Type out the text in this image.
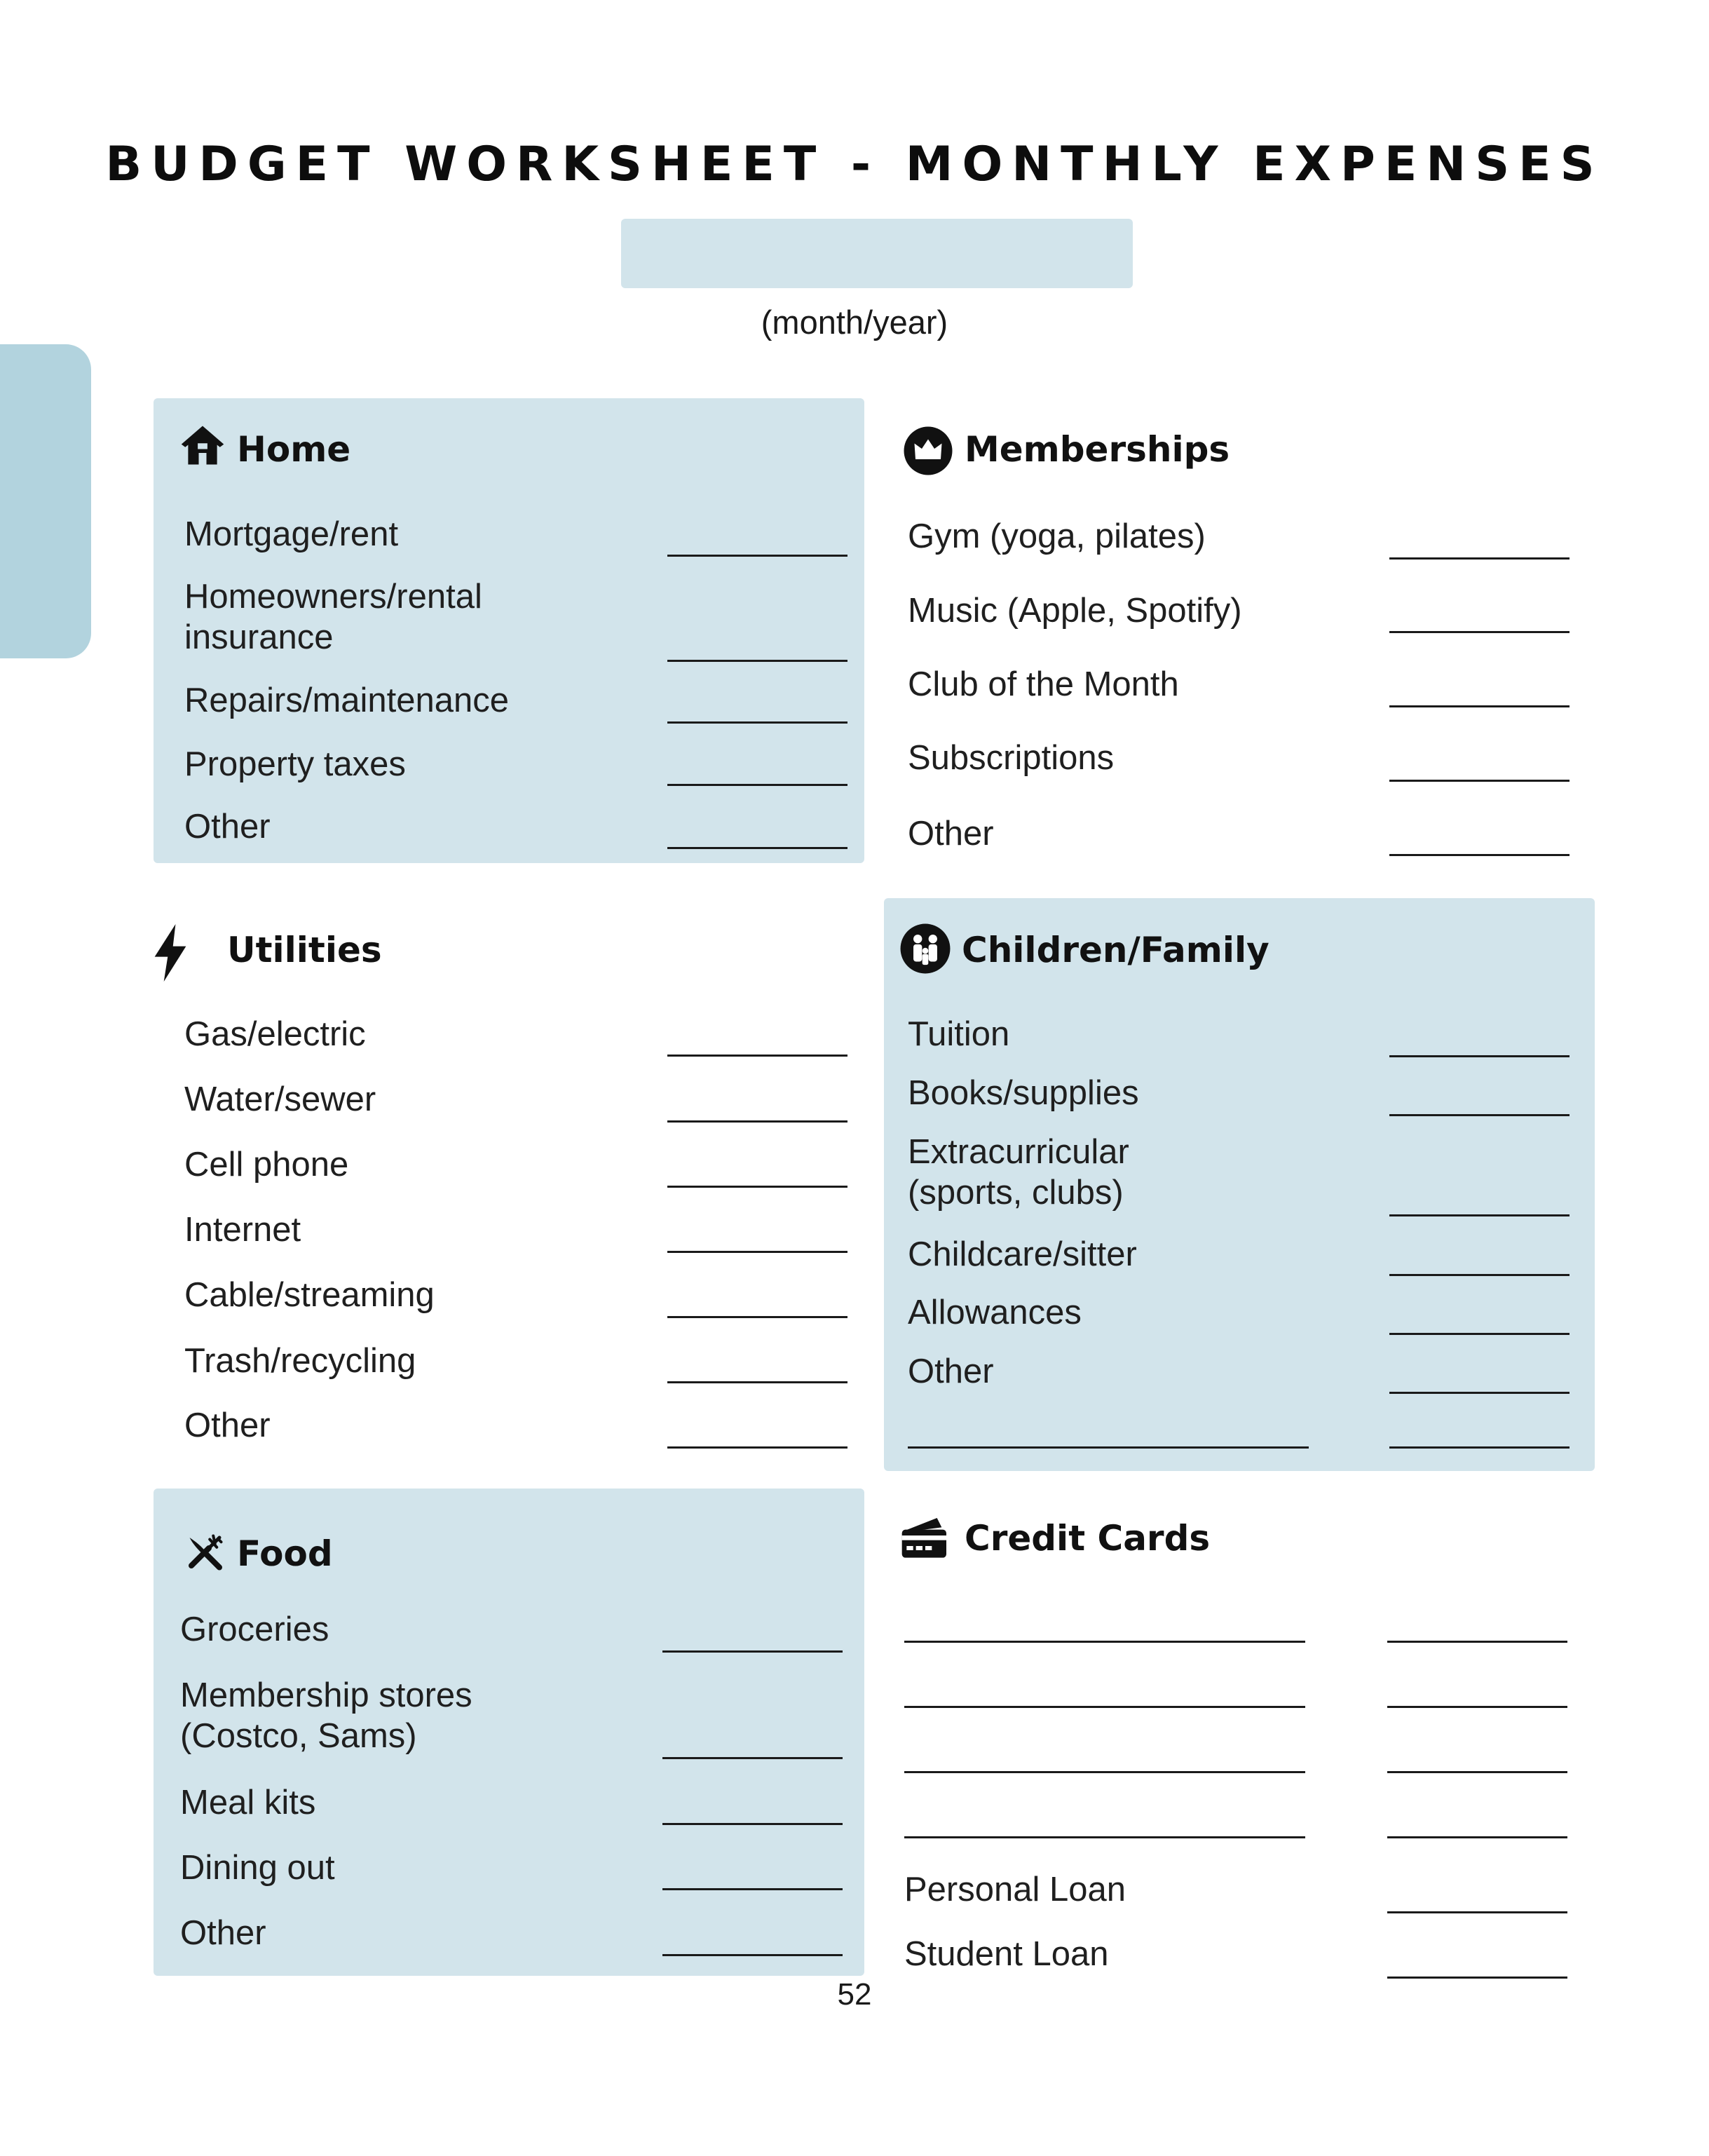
BUDGET WORKSHEET - MONTHLY EXPENSES
(month/year)
Home
Mortgage/rent
Homeowners/rental
insurance
Repairs/maintenance
Property taxes
Other
Memberships
Gym (yoga, pilates)
Music (Apple, Spotify)
Club of the Month
Subscriptions
Other
Utilities
Gas/electric
Water/sewer
Cell phone
Internet
Cable/streaming
Trash/recycling
Other
Children/Family
Tuition
Books/supplies
Extracurricular
(sports, clubs)
Childcare/sitter
Allowances
Other
Food
Groceries
Membership stores
(Costco, Sams)
Meal kits
Dining out
Other
Credit Cards
Personal Loan
Student Loan
52
